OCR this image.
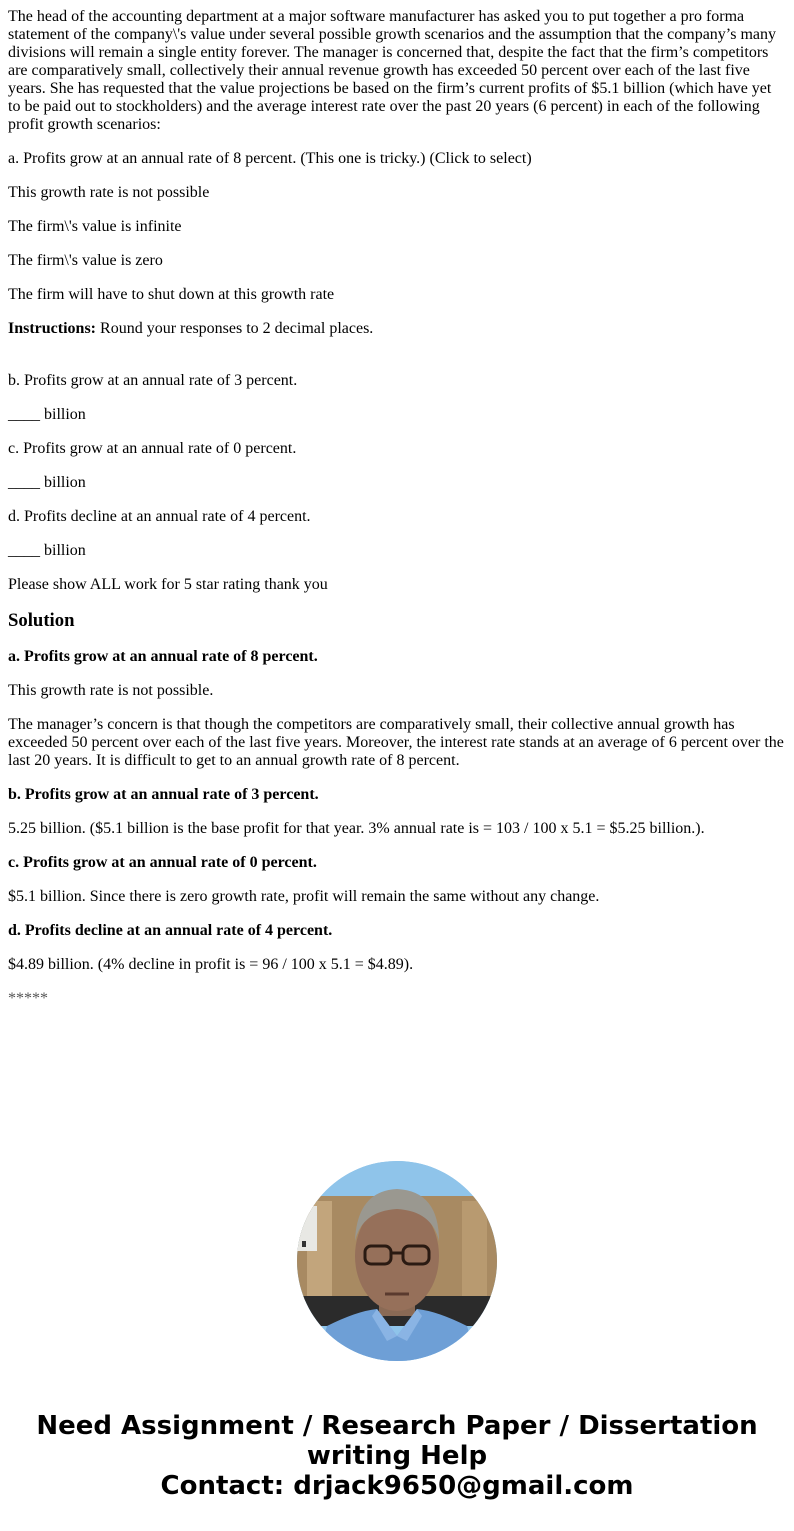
The head of the accounting department at a major software manufacturer has asked you to put together a pro forma statement of the company\'s value under several possible growth scenarios and the assumption that the company’s many divisions will remain a single entity forever. The manager is concerned that, despite the fact that the firm’s competitors are comparatively small, collectively their annual revenue growth has exceeded 50 percent over each of the last five years. She has requested that the value projections be based on the firm’s current profits of $5.1 billion (which have yet to be paid out to stockholders) and the average interest rate over the past 20 years (6 percent) in each of the following profit growth scenarios:

a. Profits grow at an annual rate of 8 percent. (This one is tricky.) (Click to select)

This growth rate is not possible

The firm\'s value is infinite

The firm\'s value is zero

The firm will have to shut down at this growth rate

Instructions: Round your responses to 2 decimal places.

b. Profits grow at an annual rate of 3 percent.

____ billion

c. Profits grow at an annual rate of 0 percent.

____ billion

d. Profits decline at an annual rate of 4 percent.

____ billion

Please show ALL work for 5 star rating thank you

Solution

a. Profits grow at an annual rate of 8 percent.

This growth rate is not possible.

The manager’s concern is that though the competitors are comparatively small, their collective annual growth has exceeded 50 percent over each of the last five years. Moreover, the interest rate stands at an average of 6 percent over the last 20 years. It is difficult to get to an annual growth rate of 8 percent.

b. Profits grow at an annual rate of 3 percent.

5.25 billion. ($5.1 billion is the base profit for that year. 3% annual rate is = 103 / 100 x 5.1 = $5.25 billion.).

c. Profits grow at an annual rate of 0 percent.

$5.1 billion. Since there is zero growth rate, profit will remain the same without any change.

d. Profits decline at an annual rate of 4 percent.

$4.89 billion. (4% decline in profit is = 96 / 100 x 5.1 = $4.89).

*****

Need Assignment / Research Paper / Dissertation
writing Help
Contact: drjack9650@gmail.com
